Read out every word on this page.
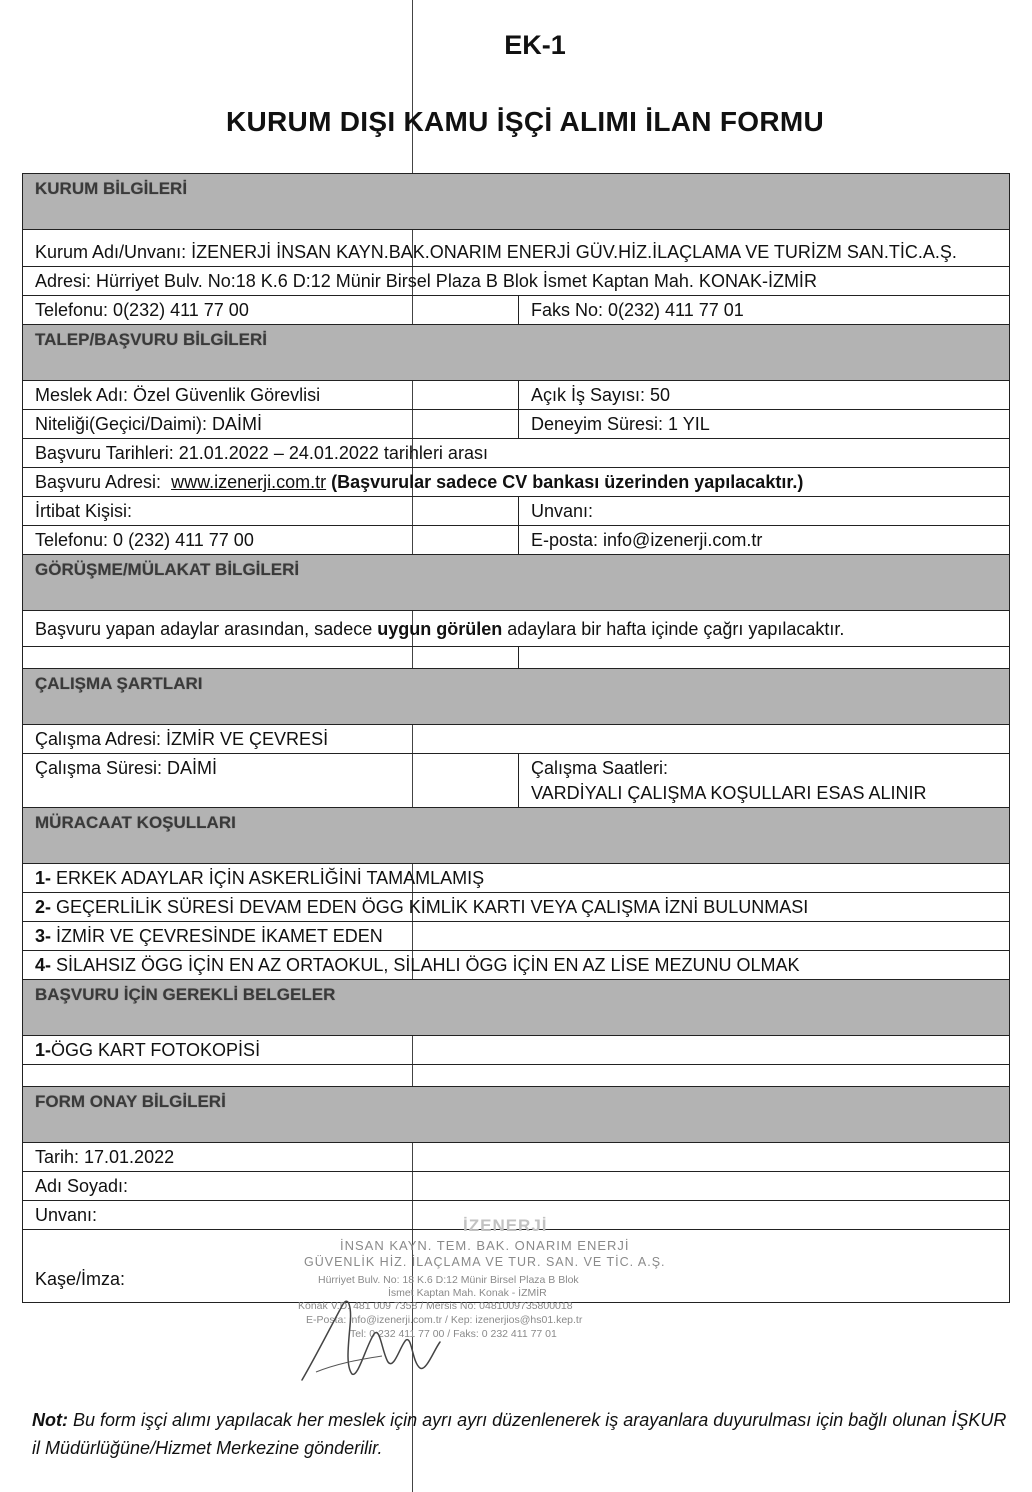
EK-1
KURUM DIŞI KAMU İŞÇİ ALIMI İLAN FORMU
KURUM BİLGİLERİ
Kurum Adı/Unvanı: İZENERJİ İNSAN KAYN.BAK.ONARIM ENERJİ GÜV.HİZ.İLAÇLAMA VE TURİZM SAN.TİC.A.Ş.
Adresi: Hürriyet Bulv. No:18 K.6 D:12 Münir Birsel Plaza B Blok İsmet Kaptan Mah. KONAK-İZMİR
Telefonu: 0(232) 411 77 00	Faks No: 0(232) 411 77 01
TALEP/BAŞVURU BİLGİLERİ
Meslek Adı: Özel Güvenlik Görevlisi	Açık İş Sayısı: 50
Niteliği(Geçici/Daimi): DAİMİ	Deneyim Süresi: 1 YIL
Başvuru Tarihleri: 21.01.2022 – 24.01.2022 tarihleri arası
Başvuru Adresi:  www.izenerji.com.tr (Başvurular sadece CV bankası üzerinden yapılacaktır.)
İrtibat Kişisi:	Unvanı:
Telefonu: 0 (232) 411 77 00	E-posta: info@izenerji.com.tr
GÖRÜŞME/MÜLAKAT BİLGİLERİ
Başvuru yapan adaylar arasından, sadece uygun görülen adaylara bir hafta içinde çağrı yapılacaktır.
ÇALIŞMA ŞARTLARI
Çalışma Adresi: İZMİR VE ÇEVRESİ
Çalışma Süresi: DAİMİ	Çalışma Saatleri:
VARDİYALI ÇALIŞMA KOŞULLARI ESAS ALINIR
MÜRACAAT KOŞULLARI
1- ERKEK ADAYLAR İÇİN ASKERLİĞİNİ TAMAMLAMIŞ
2- GEÇERLİLİK SÜRESİ DEVAM EDEN ÖGG KİMLİK KARTI VEYA ÇALIŞMA İZNİ BULUNMASI
3- İZMİR VE ÇEVRESİNDE İKAMET EDEN
4- SİLAHSIZ ÖGG İÇİN EN AZ ORTAOKUL, SİLAHLI ÖGG İÇİN EN AZ LİSE MEZUNU OLMAK
BAŞVURU İÇİN GEREKLİ BELGELER
1-ÖGG KART FOTOKOPİSİ
FORM ONAY BİLGİLERİ
Tarih: 17.01.2022
Adı Soyadı:
Unvanı:
Kaşe/İmza:
İZENERJİ
İNSAN KAYN. TEM. BAK. ONARIM ENERJİ
GÜVENLİK HİZ. İLAÇLAMA VE TUR. SAN. VE TİC. A.Ş.
Hürriyet Bulv. No: 18 K.6 D:12 Münir Birsel Plaza B Blok
İsmet Kaptan Mah. Konak - İZMİR
Konak V.D. 481 009 7358 / Mersis No: 0481009735800018
E-Posta: info@izenerji.com.tr / Kep: izenerjios@hs01.kep.tr
Tel: 0 232 411 77 00 / Faks: 0 232 411 77 01
Not: Bu form işçi alımı yapılacak her meslek için ayrı ayrı düzenlenerek iş arayanlara duyurulması için bağlı olunan İŞKUR il Müdürlüğüne/Hizmet Merkezine gönderilir.
